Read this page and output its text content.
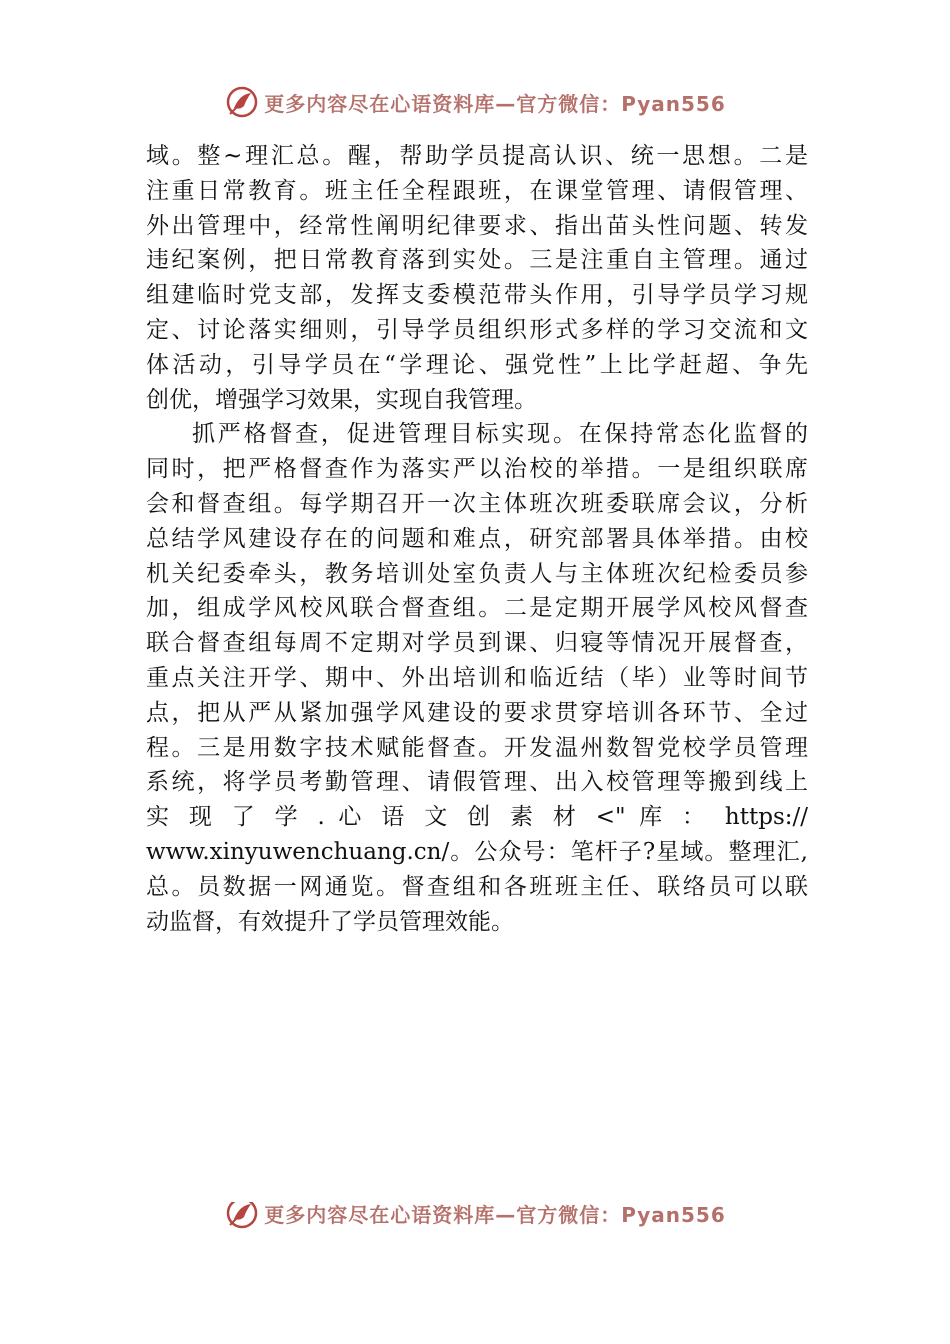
更多内容尽在心语资料库—官方微信：Pyan556
域。整~理汇总。醒，帮助学员提高认识、统一思想。二是
注重日常教育。班主任全程跟班，在课堂管理、请假管理、
外出管理中，经常性阐明纪律要求、指出苗头性问题、转发
违纪案例，把日常教育落到实处。三是注重自主管理。通过
组建临时党支部，发挥支委模范带头作用，引导学员学习规
定、讨论落实细则，引导学员组织形式多样的学习交流和文
体活动，引导学员在“学理论、强党性”上比学赶超、争先
创优，增强学习效果，实现自我管理。
抓严格督查，促进管理目标实现。在保持常态化监督的
同时，把严格督查作为落实严以治校的举措。一是组织联席
会和督查组。每学期召开一次主体班次班委联席会议，分析
总结学风建设存在的问题和难点，研究部署具体举措。由校
机关纪委牵头，教务培训处室负责人与主体班次纪检委员参
加，组成学风校风联合督查组。二是定期开展学风校风督查
联合督查组每周不定期对学员到课、归寝等情况开展督查，
重点关注开学、期中、外出培训和临近结（毕）业等时间节
点，把从严从紧加强学风建设的要求贯穿培训各环节、全过
程。三是用数字技术赋能督查。开发温州数智党校学员管理
系统，将学员考勤管理、请假管理、出入校管理等搬到线上
实 现 了 学 . 心 语 文 创 素 材 <" 库 ： https://
www.xinyuwenchuang.cn/。公众号：笔杆子?星域。整理汇,
总。员数据一网通览。督查组和各班班主任、联络员可以联
动监督，有效提升了学员管理效能。
更多内容尽在心语资料库—官方微信：Pyan556
